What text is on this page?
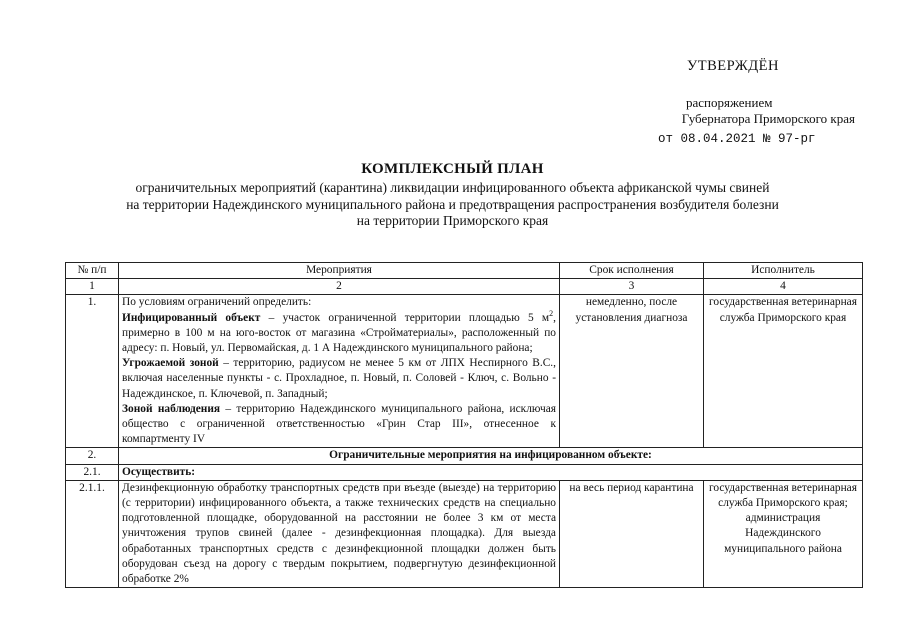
УТВЕРЖДЁН
распоряжением
Губернатора Приморского края
от 08.04.2021 № 97-рг
КОМПЛЕКСНЫЙ ПЛАН
ограничительных мероприятий (карантина) ликвидации инфицированного объекта африканской чумы свиней
на территории Надеждинского муниципального района и предотвращения распространения возбудителя болезни
на территории Приморского края
№ п/п	Мероприятия	Срок исполнения	Исполнитель
1	2	3	4
1.	По условиям ограничений определить:
Инфицированный объект – участок ограниченной территории площадью 5 $м^2$, примерно в 100 м на юго-восток от магазина «Стройматериалы», расположенный по адресу: п. Новый, ул. Первомайская, д. 1 А Надеждинского муниципального района;
Угрожаемой зоной – территорию, радиусом не менее 5 км от ЛПХ Неспирного В.С., включая населенные пункты - с. Прохладное, п. Новый, п. Соловей - Ключ, с. Вольно - Надеждинское, п. Ключевой, п. Западный;
Зоной наблюдения – территорию Надеждинского муниципального района, исключая общество с ограниченной ответственностью «Грин Стар III», отнесенное к компартменту IV	немедленно, после установления диагноза	государственная ветеринарная служба Приморского края
2.	Ограничительные мероприятия на инфицированном объекте:		
2.1.	Осуществить:		
2.1.1.	Дезинфекционную обработку транспортных средств при въезде (выезде) на территорию (с территории) инфицированного объекта, а также технических средств на специально подготовленной площадке, оборудованной на расстоянии не более 3 км от места уничтожения трупов свиней (далее - дезинфекционная площадка). Для выезда обработанных транспортных средств с дезинфекционной площадки должен быть оборудован съезд на дорогу с твердым покрытием, подвергнутую дезинфекционной обработке 2%	на весь период карантина	государственная ветеринарная служба Приморского края; администрация Надеждинского муниципального района
